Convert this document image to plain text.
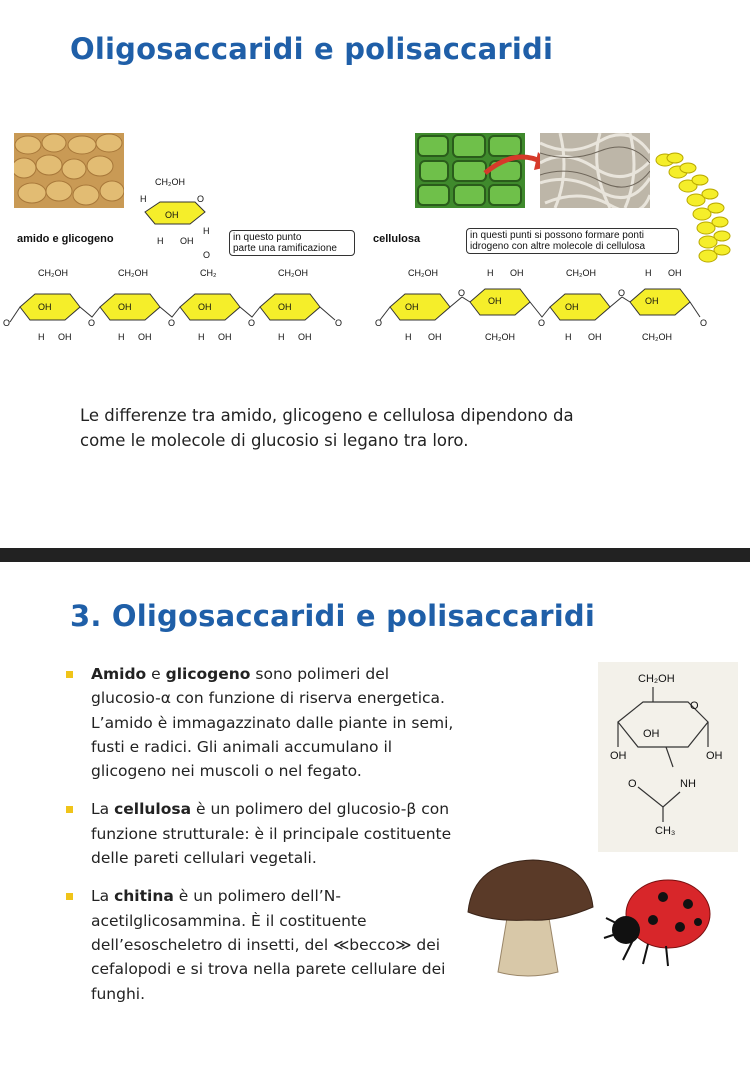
Oligosaccaridi e polisaccaridi
CH₂OH
H	O
OH
H OH
H
O
amido e glicogeno	cellulosa
in questo punto
parte una ramificazione
in questi punti si possono formare ponti
idrogeno con altre molecole di cellulosa
CH₂OH	CH₂OH	CH₂	CH₂OH	CH₂OH	CH₂OH
H OH	H OH
OH	OH	OH	OH	OH
OH
OH
OH
H OH	H OH	H OH	H OH	H OH	CH₂OH	H OH	CH₂OH
O	O	O	O	O	O
O
O
O
O
Le differenze tra amido, glicogeno e cellulosa dipendono da
come le molecole di glucosio si legano tra loro.
3. Oligosaccaridi e polisaccaridi
Amido e glicogeno sono polimeri del glucosio-α con funzione di riserva energetica. L’amido è immagazzinato dalle piante in semi, fusti e radici. Gli animali accumulano il glicogeno nei muscoli o nel fegato.
La cellulosa è un polimero del glucosio-β con funzione strutturale: è il principale costituente delle pareti cellulari vegetali.
La chitina è un polimero dell’N-acetilglicosammina. È il costituente dell’esoscheletro di insetti, del ≪becco≫ dei cefalopodi e si trova nella parete cellulare dei funghi.
CH₂OH
O
OH
OH	OH
O	NH
CH₃
